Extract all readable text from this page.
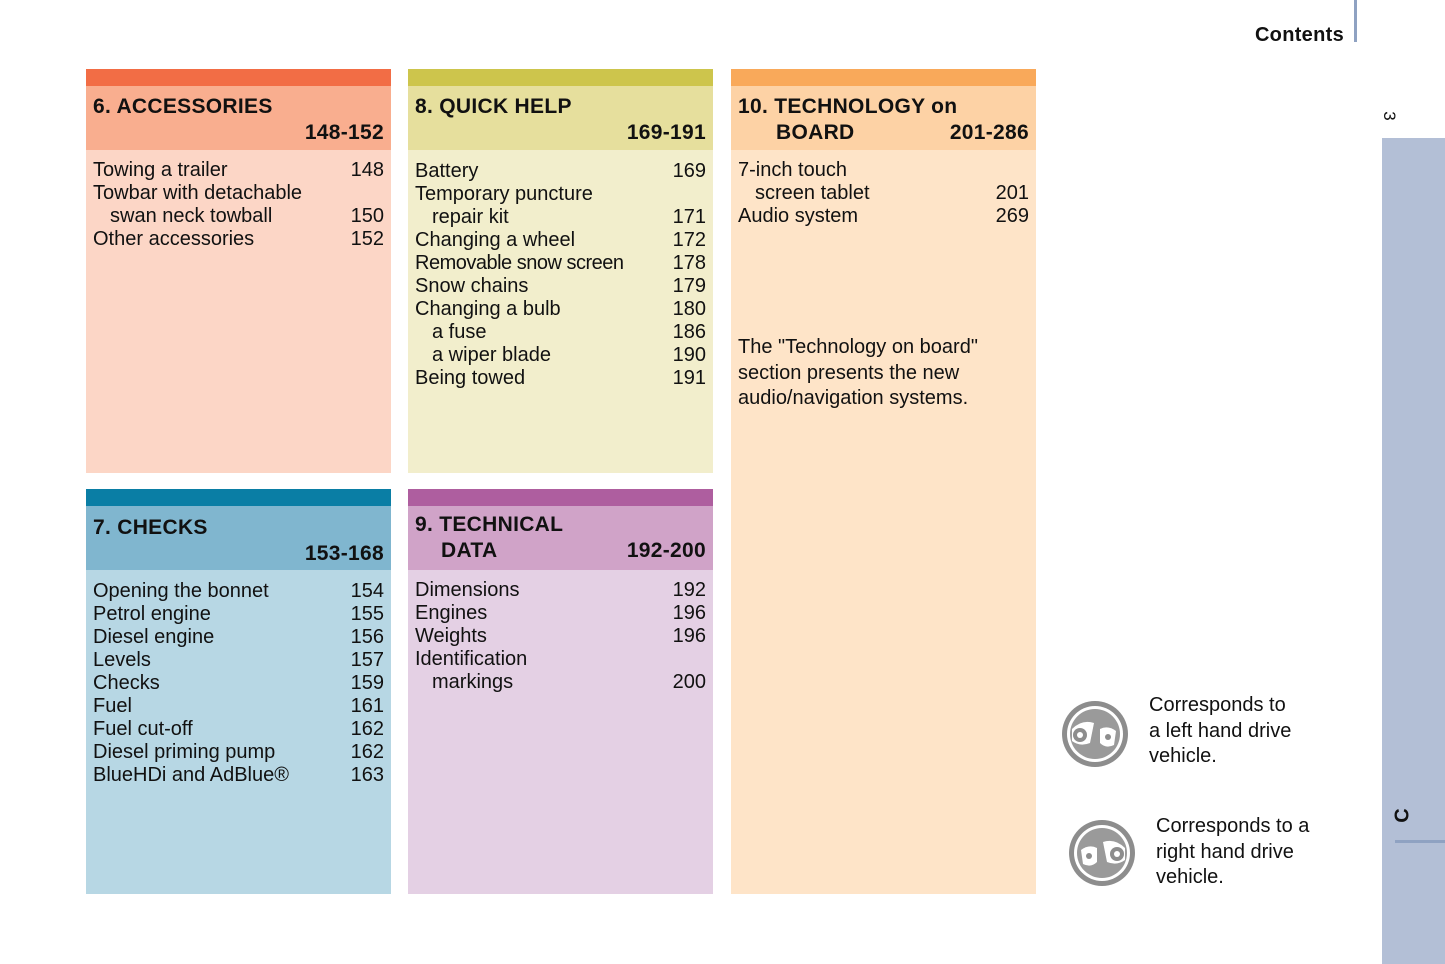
Contents
3
C
6. ACCESSORIES
148-152
Towing a trailer	148
Towbar with detachable
swan neck towball	150
Other accessories	152
7. CHECKS
153-168
Opening the bonnet	154
Petrol engine	155
Diesel engine	156
Levels	157
Checks	159
Fuel	161
Fuel cut-off	162
Diesel priming pump	162
BlueHDi and AdBlue®	163
8. QUICK HELP
169-191
Battery	169
Temporary puncture
repair kit	171
Changing a wheel	172
Removable snow screen 178
Snow chains	179
Changing a bulb	180
a fuse	186
a wiper blade	190
Being towed	191
9. TECHNICAL
DATA	192-200
Dimensions	192
Engines	196
Weights	196
Identification
markings	200
10. TECHNOLOGY on
BOARD	201-286
7-inch touch
screen tablet	201
Audio system	269
The "Technology on board"
section presents the new
audio/navigation systems.
Corresponds to
a left hand drive
vehicle.
Corresponds to a
right hand drive
vehicle.
